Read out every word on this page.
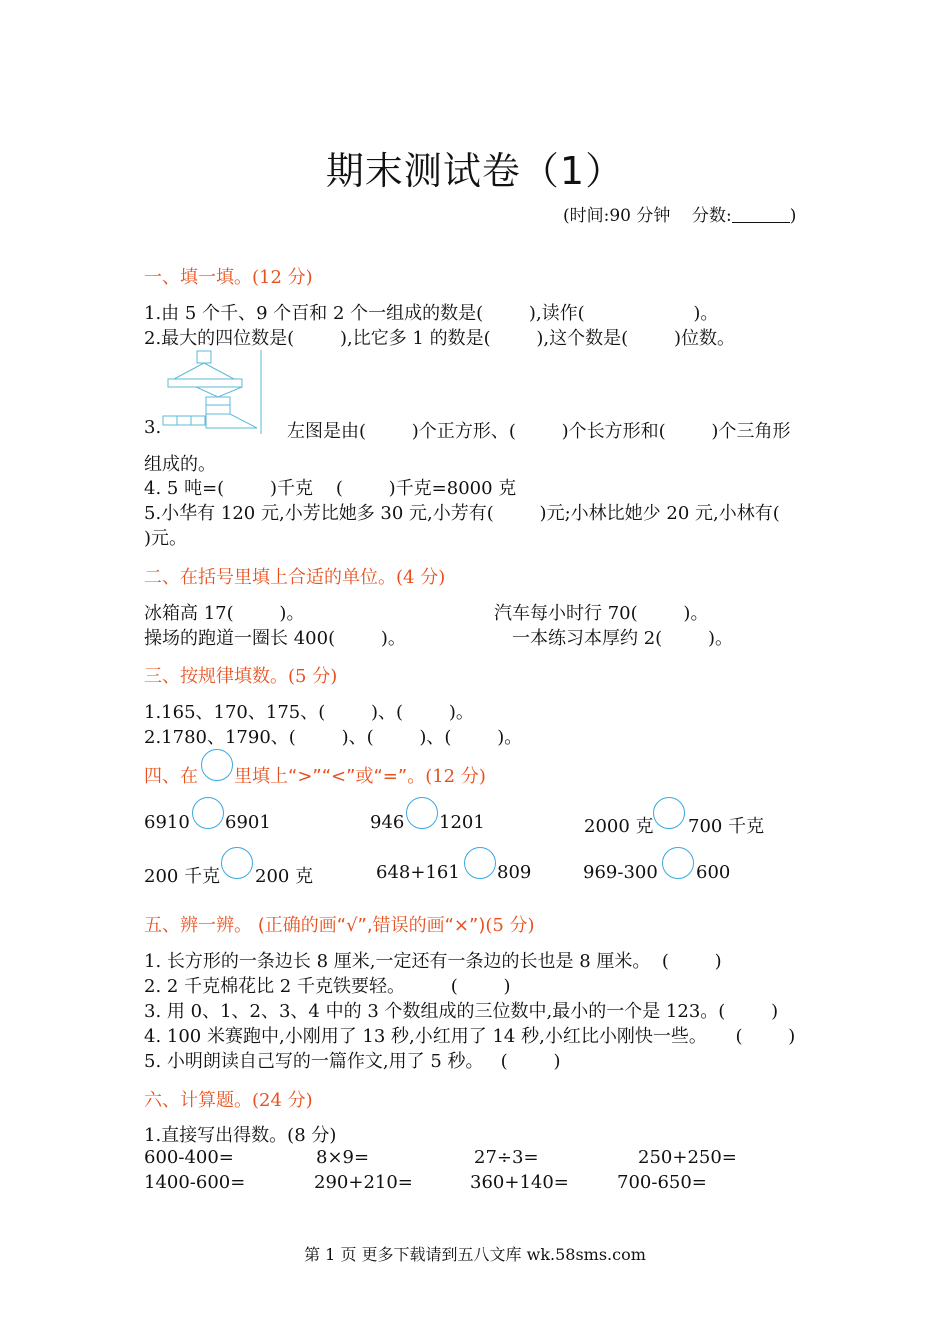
期末测试卷（1）
(时间:90 分钟 分数:	)
一、填一填。(12 分)
1.由 5 个千、9 个百和 2 个一组成的数是(        ),读作(                   )。
2.最大的四位数是(        ),比它多 1 的数是(        ),这个数是(        )位数。
3.	左图是由(        )个正方形、(        )个长方形和(        )个三角形
组成的。
4. 5 吨=(        )千克    (        )千克=8000 克
5.小华有 120 元,小芳比她多 30 元,小芳有(        )元;小林比她少 20 元,小林有(
)元。
二、在括号里填上合适的单位。(4 分)
冰箱高 17(        )。	汽车每小时行 70(        )。
操场的跑道一圈长 400(        )。	一本练习本厚约 2(        )。
三、按规律填数。(5 分)
1.165、170、175、(        )、(        )。
2.1780、1790、(        )、(        )、(        )。
四、在 里填上“>”“<”或“=”。(12 分)
6910 6901	946 1201	2000 克 700 千克
200 千克 200 克	648+161 809	969-300 600
五、辨一辨。 (正确的画“√”,错误的画“×”)(5 分)
1. 长方形的一条边长 8 厘米,一定还有一条边的长也是 8 厘米。  (        )
2. 2 千克棉花比 2 千克铁要轻。        (        )
3. 用 0、1、2、3、4 中的 3 个数组成的三位数中,最小的一个是 123。(        )
4. 100 米赛跑中,小刚用了 13 秒,小红用了 14 秒,小红比小刚快一些。     (        )
5. 小明朗读自己写的一篇作文,用了 5 秒。   (        )
六、计算题。(24 分)
1.直接写出得数。(8 分)
600-400=	8×9=	27÷3=	250+250=
1400-600=	290+210=	360+140=	700-650=
第 1 页 更多下载请到五八文库 wk.58sms.com
